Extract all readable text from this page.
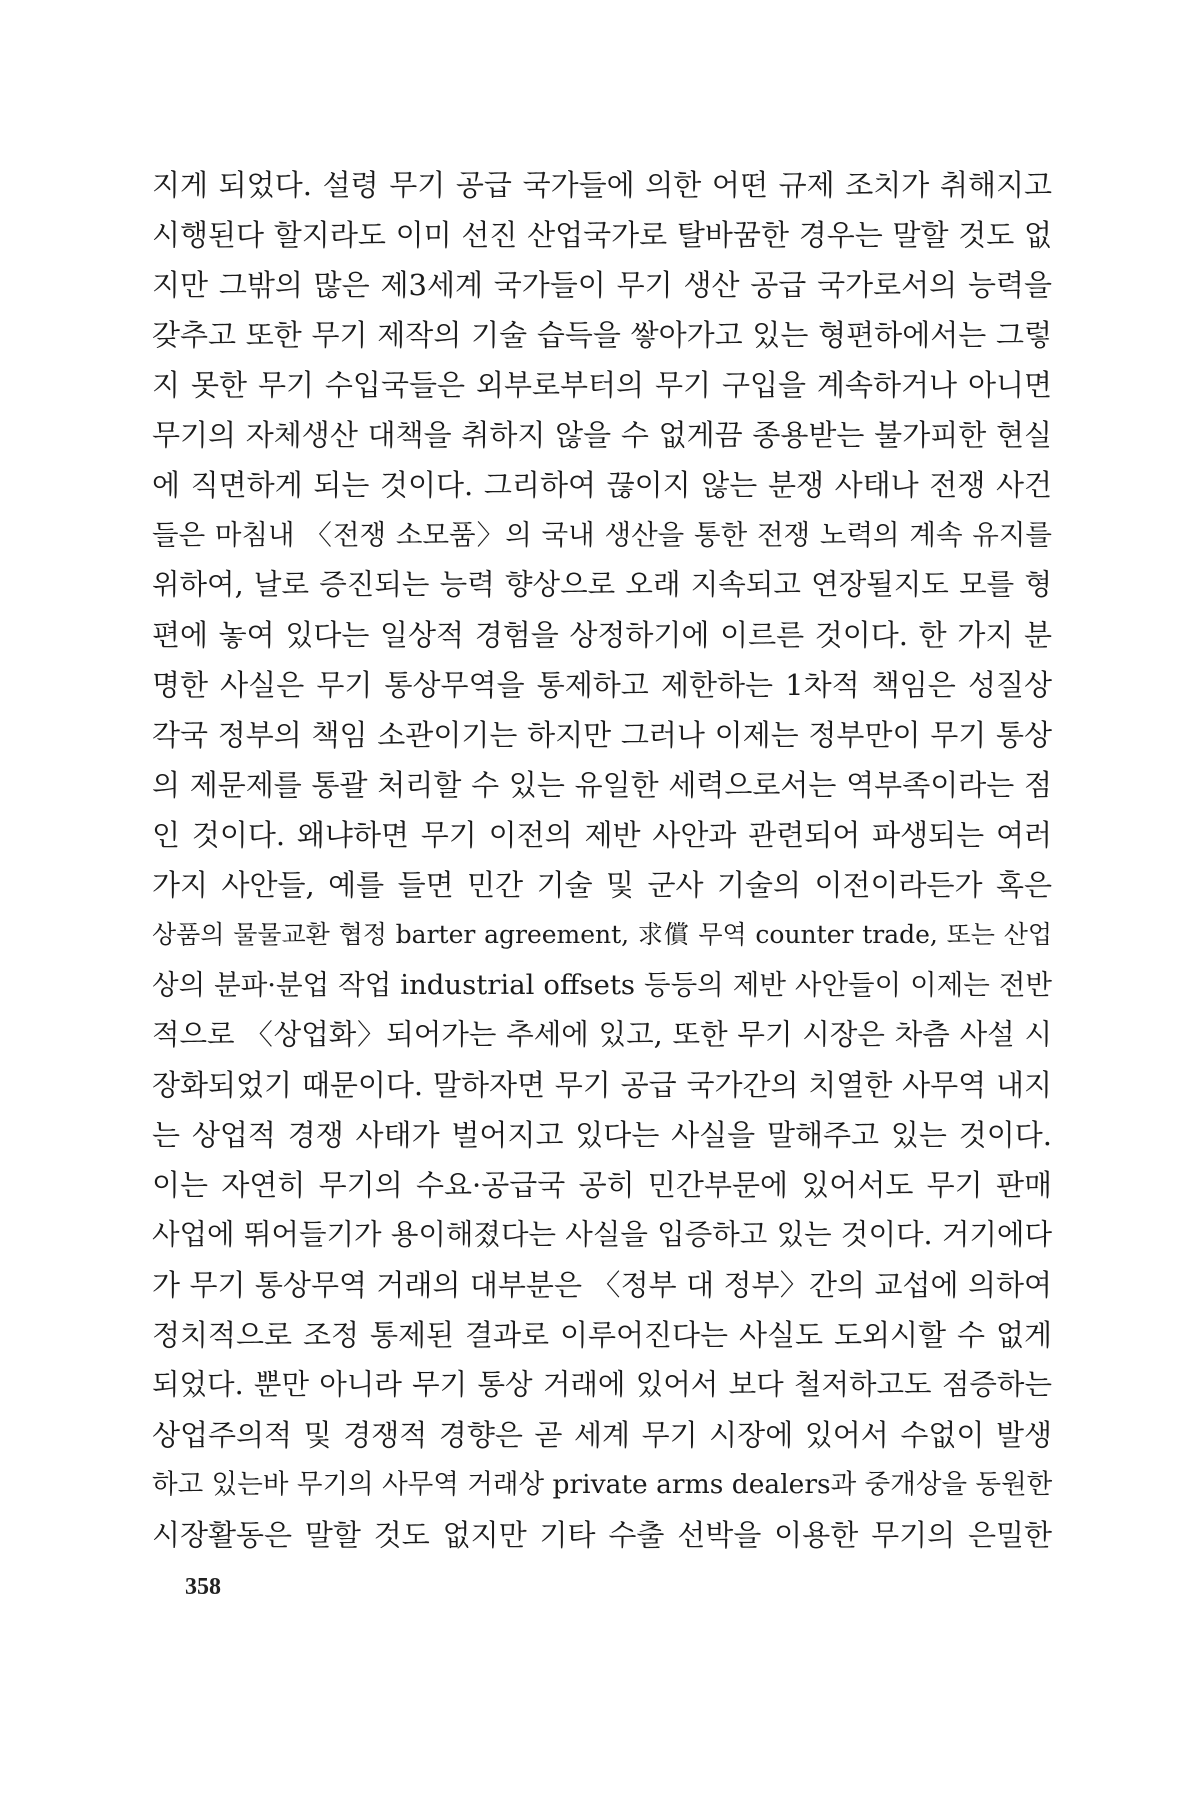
지게 되었다. 설령 무기 공급 국가들에 의한 어떤 규제 조치가 취해지고
시행된다 할지라도 이미 선진 산업국가로 탈바꿈한 경우는 말할 것도 없
지만 그밖의 많은 제3세계 국가들이 무기 생산 공급 국가로서의 능력을
갖추고 또한 무기 제작의 기술 습득을 쌓아가고 있는 형편하에서는 그렇
지 못한 무기 수입국들은 외부로부터의 무기 구입을 계속하거나 아니면
무기의 자체생산 대책을 취하지 않을 수 없게끔 종용받는 불가피한 현실
에 직면하게 되는 것이다. 그리하여 끊이지 않는 분쟁 사태나 전쟁 사건
들은 마침내 〈전쟁 소모품〉의 국내 생산을 통한 전쟁 노력의 계속 유지를
위하여, 날로 증진되는 능력 향상으로 오래 지속되고 연장될지도 모를 형
편에 놓여 있다는 일상적 경험을 상정하기에 이르른 것이다. 한 가지 분
명한 사실은 무기 통상무역을 통제하고 제한하는 1차적 책임은 성질상
각국 정부의 책임 소관이기는 하지만 그러나 이제는 정부만이 무기 통상
의 제문제를 통괄 처리할 수 있는 유일한 세력으로서는 역부족이라는 점
인 것이다. 왜냐하면 무기 이전의 제반 사안과 관련되어 파생되는 여러
가지 사안들, 예를 들면 민간 기술 및 군사 기술의 이전이라든가 혹은
상품의 물물교환 협정 barter agreement, 求償 무역 counter trade, 또는 산업
상의 분파·분업 작업 industrial offsets 등등의 제반 사안들이 이제는 전반
적으로 〈상업화〉되어가는 추세에 있고, 또한 무기 시장은 차츰 사설 시
장화되었기 때문이다. 말하자면 무기 공급 국가간의 치열한 사무역 내지
는 상업적 경쟁 사태가 벌어지고 있다는 사실을 말해주고 있는 것이다.
이는 자연히 무기의 수요·공급국 공히 민간부문에 있어서도 무기 판매
사업에 뛰어들기가 용이해졌다는 사실을 입증하고 있는 것이다. 거기에다
가 무기 통상무역 거래의 대부분은 〈정부 대 정부〉간의 교섭에 의하여
정치적으로 조정 통제된 결과로 이루어진다는 사실도 도외시할 수 없게
되었다. 뿐만 아니라 무기 통상 거래에 있어서 보다 철저하고도 점증하는
상업주의적 및 경쟁적 경향은 곧 세계 무기 시장에 있어서 수없이 발생
하고 있는바 무기의 사무역 거래상 private arms dealers과 중개상을 동원한
시장활동은 말할 것도 없지만 기타 수출 선박을 이용한 무기의 은밀한
358
